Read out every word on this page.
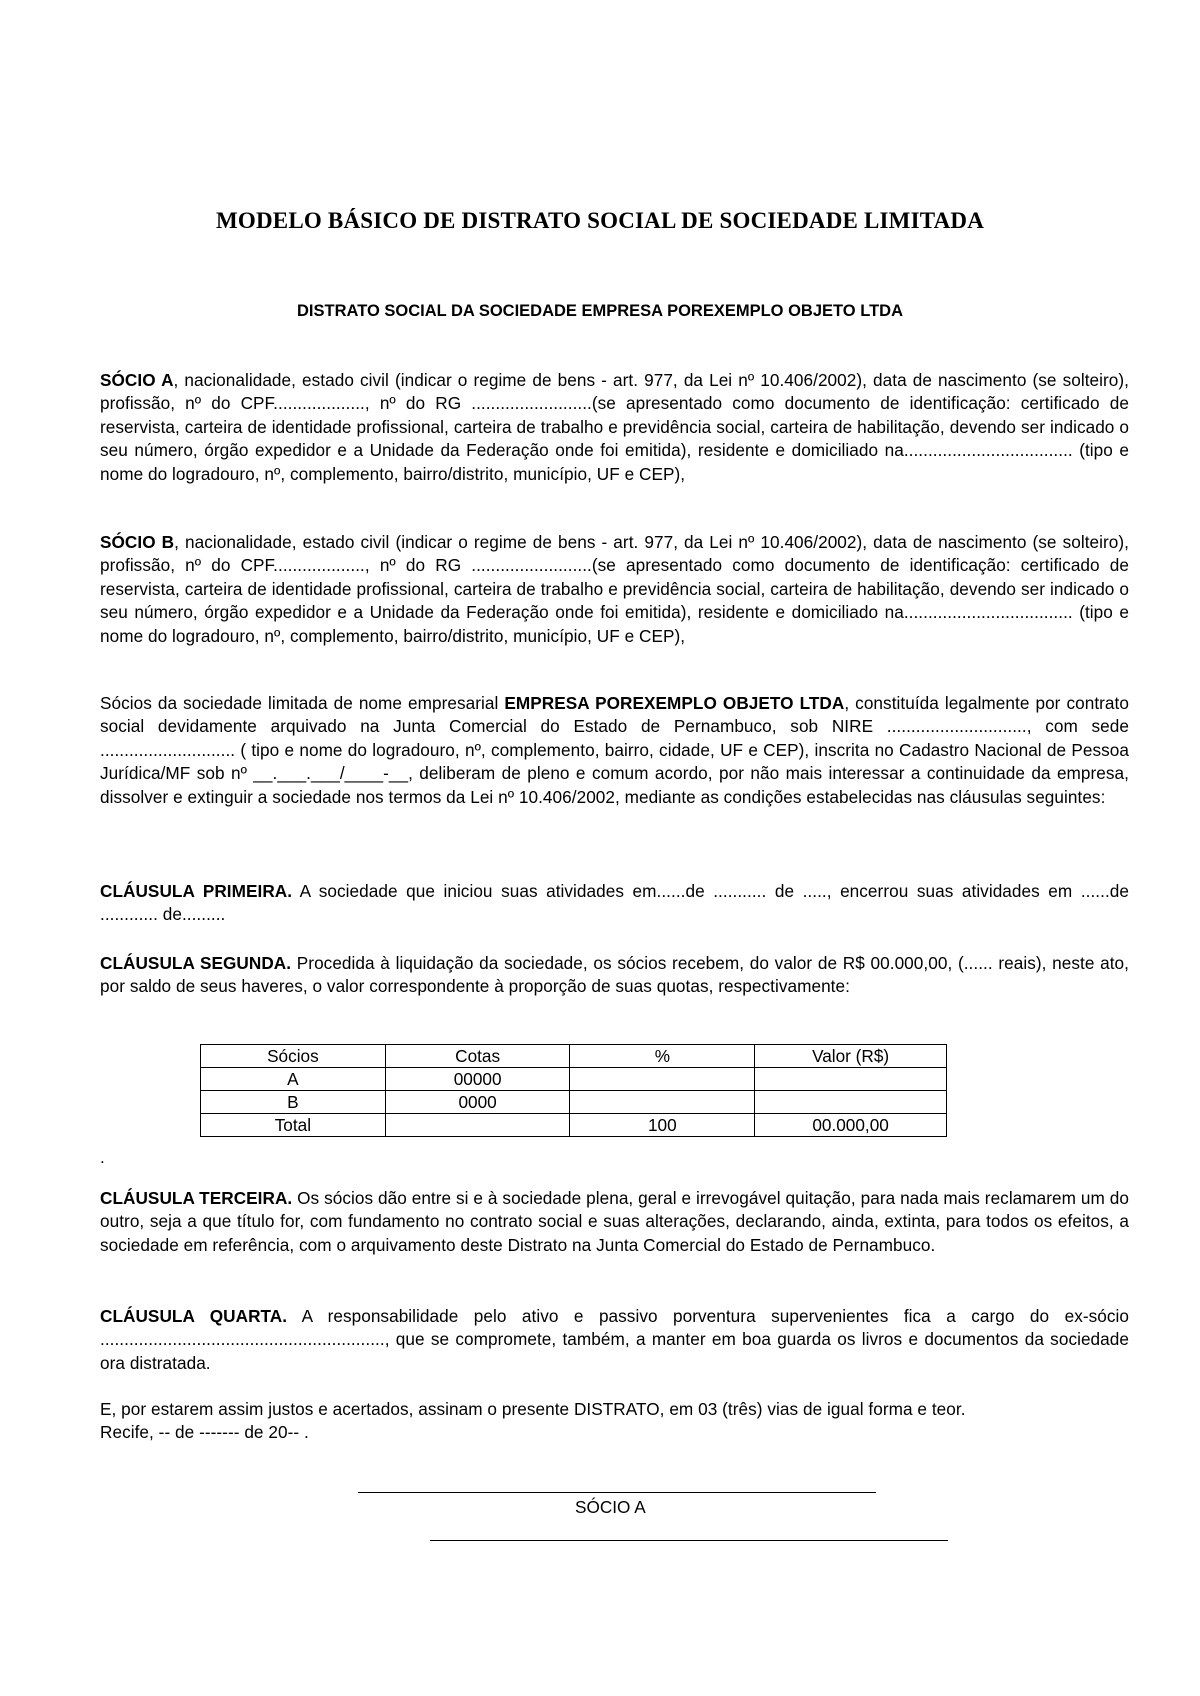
MODELO BÁSICO DE DISTRATO SOCIAL DE SOCIEDADE LIMITADA
DISTRATO SOCIAL DA SOCIEDADE EMPRESA POREXEMPLO OBJETO LTDA
SÓCIO A, nacionalidade, estado civil (indicar o regime de bens - art. 977, da Lei nº 10.406/2002), data de nascimento (se solteiro), profissão, nº do CPF..................., nº do RG .........................(se apresentado como documento de identificação: certificado de reservista, carteira de identidade profissional, carteira de trabalho e previdência social, carteira de habilitação, devendo ser indicado o seu número, órgão expedidor e a Unidade da Federação onde foi emitida), residente e domiciliado na................................... (tipo e nome do logradouro, nº, complemento, bairro/distrito, município, UF e CEP),
SÓCIO B, nacionalidade, estado civil (indicar o regime de bens - art. 977, da Lei nº 10.406/2002), data de nascimento (se solteiro), profissão, nº do CPF..................., nº do RG .........................(se apresentado como documento de identificação: certificado de reservista, carteira de identidade profissional, carteira de trabalho e previdência social, carteira de habilitação, devendo ser indicado o seu número, órgão expedidor e a Unidade da Federação onde foi emitida), residente e domiciliado na................................... (tipo e nome do logradouro, nº, complemento, bairro/distrito, município, UF e CEP),
Sócios da sociedade limitada de nome empresarial EMPRESA POREXEMPLO OBJETO LTDA, constituída legalmente por contrato social devidamente arquivado na Junta Comercial do Estado de Pernambuco, sob NIRE ............................., com sede ............................ ( tipo e nome do logradouro, nº, complemento, bairro, cidade, UF e CEP), inscrita no Cadastro Nacional de Pessoa Jurídica/MF sob nº __.___.___/____-__, deliberam de pleno e comum acordo, por não mais interessar a continuidade da empresa, dissolver e extinguir a sociedade nos termos da Lei nº 10.406/2002, mediante as condições estabelecidas nas cláusulas seguintes:
CLÁUSULA PRIMEIRA. A sociedade que iniciou suas atividades em......de ........... de ....., encerrou suas atividades em ......de ............ de.........
CLÁUSULA SEGUNDA. Procedida à liquidação da sociedade, os sócios recebem, do valor de R$ 00.000,00, (...... reais), neste ato, por saldo de seus haveres, o valor correspondente à proporção de suas quotas, respectivamente:
Sócios	Cotas	%	Valor (R$)
A	00000		
B	0000		
Total		100	00.000,00
.
CLÁUSULA TERCEIRA. Os sócios dão entre si e à sociedade plena, geral e irrevogável quitação, para nada mais reclamarem um do outro, seja a que título for, com fundamento no contrato social e suas alterações, declarando, ainda, extinta, para todos os efeitos, a sociedade em referência, com o arquivamento deste Distrato na Junta Comercial do Estado de Pernambuco.
CLÁUSULA QUARTA. A responsabilidade pelo ativo e passivo porventura supervenientes fica a cargo do ex-sócio ..........................................................., que se compromete, também, a manter em boa guarda os livros e documentos da sociedade ora distratada.
E, por estarem assim justos e acertados, assinam o presente DISTRATO, em 03 (três) vias de igual forma e teor.
Recife, -- de ------- de 20-- .
SÓCIO A
